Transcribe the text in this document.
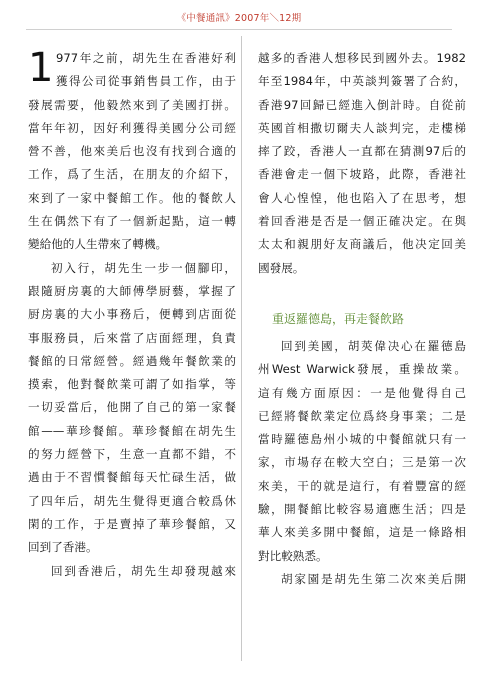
《中餐通訊》2007年＼12期
1 977年之前，胡先生在香港好利
獲得公司從事銷售員工作，由于
發展需要，他毅然來到了美國打拼。
當年年初，因好利獲得美國分公司經
營不善，他來美后也沒有找到合適的
工作，爲了生活，在朋友的介紹下，
來到了一家中餐館工作。他的餐飲人
生在偶然下有了一個新起點，這一轉
變給他的人生帶來了轉機。
初入行，胡先生一步一個腳印，
跟隨厨房裏的大師傅學厨藝，掌握了
厨房裏的大小事務后，便轉到店面從
事服務員，后來當了店面經理，負責
餐館的日常經營。經過幾年餐飲業的
摸索，他對餐飲業可謂了如指掌，等
一切妥當后，他開了自己的第一家餐
館——華珍餐館。華珍餐館在胡先生
的努力經營下，生意一直都不錯，不
過由于不習慣餐館每天忙碌生活，做
了四年后，胡先生覺得更適合較爲休
閑的工作，于是賣掉了華珍餐館，又
回到了香港。
回到香港后，胡先生却發現越來
越多的香港人想移民到國外去。1982
年至1984年，中英談判簽署了合約，
香港97回歸已經進入倒計時。自從前
英國首相撒切爾夫人談判完，走樓梯
摔了跤，香港人一直都在猜測97后的
香港會走一個下坡路，此際，香港社
會人心惶惶，他也陷入了在思考，想
着回香港是否是一個正確决定。在與
太太和親朋好友商議后，他决定回美
國發展。
重返羅德島，再走餐飲路
回到美國，胡莢偉决心在羅德島
州West Warwick發展，重操故業。
這有幾方面原因：一是他覺得自己
已經將餐飲業定位爲終身事業；二是
當時羅德島州小城的中餐館就只有一
家，市場存在較大空白；三是第一次
來美，干的就是這行，有着豐富的經
驗，開餐館比較容易適應生活；四是
華人來美多開中餐館，這是一條路相
對比較熟悉。
胡家園是胡先生第二次來美后開
